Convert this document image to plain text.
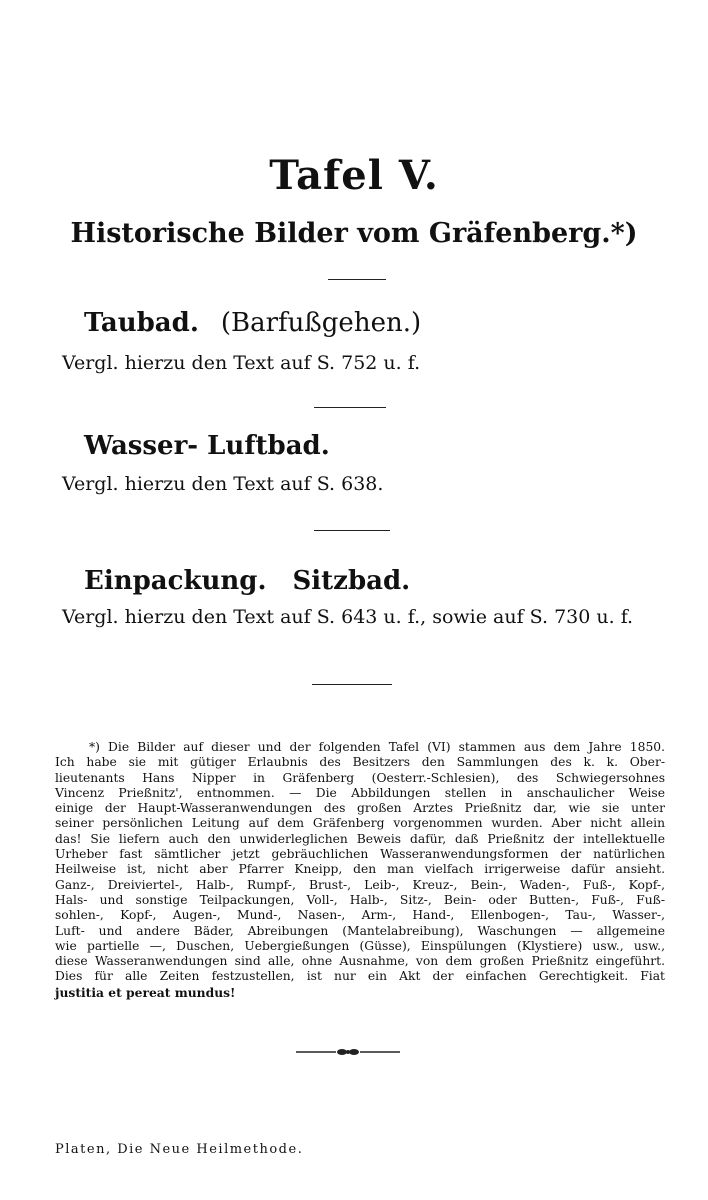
Tafel V.
Historische Bilder vom Gräfenberg.*)
Taubad. (Barfußgehen.)
Vergl. hierzu den Text auf S. 752 u. f.
Wasser- Luftbad.
Vergl. hierzu den Text auf S. 638.
Einpackung. Sitzbad.
Vergl. hierzu den Text auf S. 643 u. f., sowie auf S. 730 u. f.
*) Die Bilder auf dieser und der folgenden Tafel (VI) stammen aus dem Jahre 1850.
Ich habe sie mit gütiger Erlaubnis des Besitzers den Sammlungen des k. k. Ober-
lieutenants Hans Nipper in Gräfenberg (Oesterr.-Schlesien), des Schwiegersohnes
Vincenz Prießnitz', entnommen. — Die Abbildungen stellen in anschaulicher Weise
einige der Haupt-Wasseranwendungen des großen Arztes Prießnitz dar, wie sie unter
seiner persönlichen Leitung auf dem Gräfenberg vorgenommen wurden. Aber nicht allein
das! Sie liefern auch den unwiderleglichen Beweis dafür, daß Prießnitz der intellektuelle
Urheber fast sämtlicher jetzt gebräuchlichen Wasseranwendungsformen der natürlichen
Heilweise ist, nicht aber Pfarrer Kneipp, den man vielfach irrigerweise dafür ansieht.
Ganz-, Dreiviertel-, Halb-, Rumpf-, Brust-, Leib-, Kreuz-, Bein-, Waden-, Fuß-, Kopf-,
Hals- und sonstige Teilpackungen, Voll-, Halb-, Sitz-, Bein- oder Butten-, Fuß-, Fuß-
sohlen-, Kopf-, Augen-, Mund-, Nasen-, Arm-, Hand-, Ellenbogen-, Tau-, Wasser-,
Luft- und andere Bäder, Abreibungen (Mantelabreibung), Waschungen — allgemeine
wie partielle —, Duschen, Uebergießungen (Güsse), Einspülungen (Klystiere) usw., usw.,
diese Wasseranwendungen sind alle, ohne Ausnahme, von dem großen Prießnitz eingeführt.
Dies für alle Zeiten festzustellen, ist nur ein Akt der einfachen Gerechtigkeit. Fiat
justitia et pereat mundus!
Platen, Die Neue Heilmethode.
